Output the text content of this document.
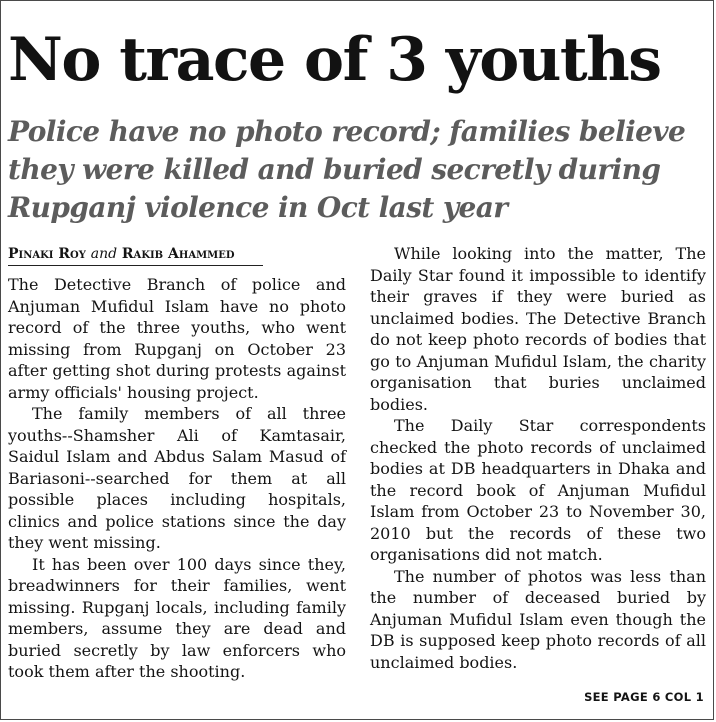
No trace of 3 youths
Police have no photo record; families believe they were killed and buried secretly during Rupganj violence in Oct last year
Pinaki Roy and Rakib Ahammed

The Detective Branch of police and Anjuman Mufidul Islam have no photo record of the three youths, who went missing from Rupganj on October 23 after getting shot during protests against army officials' housing project.

The family members of all three youths--Shamsher Ali of Kamtasair, Saidul Islam and Abdus Salam Masud of Bariasoni--searched for them at all possible places including hospitals, clinics and police stations since the day they went missing.

It has been over 100 days since they, breadwinners for their families, went missing. Rupganj locals, including family members, assume they are dead and buried secretly by law enforcers who took them after the shooting.

While looking into the matter, The Daily Star found it impossible to identify their graves if they were buried as unclaimed bodies. The Detective Branch do not keep photo records of bodies that go to Anjuman Mufidul Islam, the charity organisation that buries unclaimed bodies.

The Daily Star correspondents checked the photo records of unclaimed bodies at DB headquarters in Dhaka and the record book of Anjuman Mufidul Islam from October 23 to November 30, 2010 but the records of these two organisations did not match.

The number of photos was less than the number of deceased buried by Anjuman Mufidul Islam even though the DB is supposed keep photo records of all unclaimed bodies.

SEE PAGE 6 COL 1
